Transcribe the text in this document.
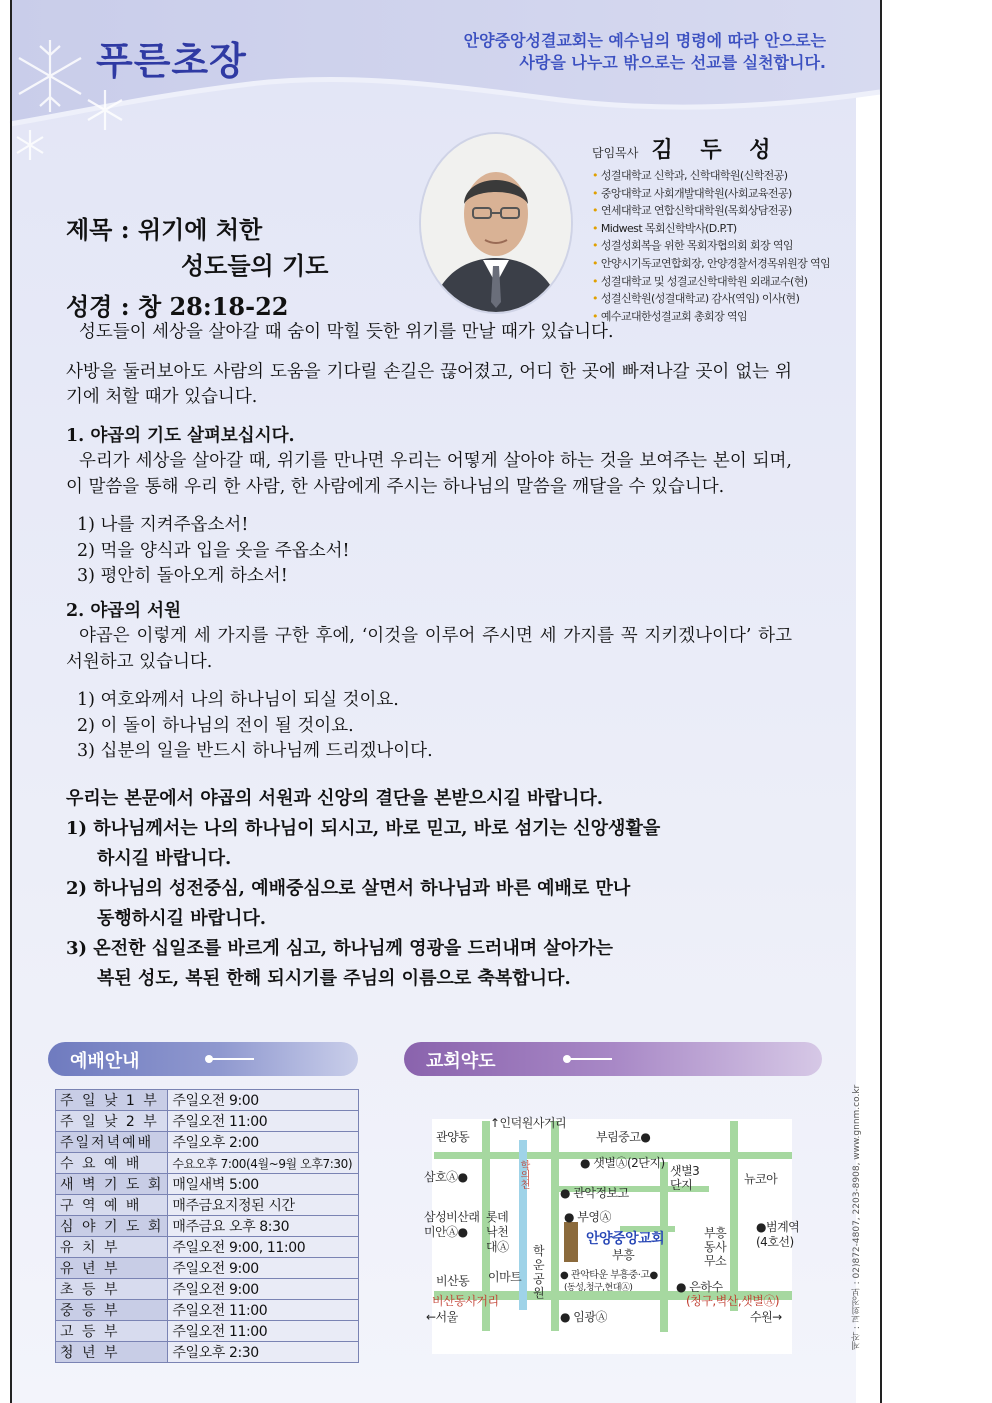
푸른초장	안양중앙성결교회는 예수님의 명령에 따라 안으로는
사랑을 나누고 밖으로는 선교를 실천합니다.
담임목사 김 두 성
• 성결대학교 신학과, 신학대학원(신학전공)
• 중앙대학교 사회개발대학원(사회교육전공)
• 연세대학교 연합신학대학원(목회상담전공)
• Midwest 목회신학박사(D.P.T)
• 성결성회복을 위한 목회자협의회 회장 역임
• 안양시기독교연합회장, 안양경찰서경목위원장 역임
• 성결대학교 및 성결교신학대학원 외래교수(현)
• 성결신학원(성결대학교) 감사(역임) 이사(현)
• 예수교대한성결교회 총회장 역임
제목 : 위기에 처한
성도들의 기도
성경 : 창 28:18-22

성도들이 세상을 살아갈 때 숨이 막힐 듯한 위기를 만날 때가 있습니다.

사방을 둘러보아도 사람의 도움을 기다릴 손길은 끊어졌고, 어디 한 곳에 빠져나갈 곳이 없는 위기에 처할 때가 있습니다.

1. 야곱의 기도 살펴보십시다.

우리가 세상을 살아갈 때, 위기를 만나면 우리는 어떻게 살아야 하는 것을 보여주는 본이 되며, 이 말씀을 통해 우리 한 사람, 한 사람에게 주시는 하나님의 말씀을 깨달을 수 있습니다.

1) 나를 지켜주옵소서!
2) 먹을 양식과 입을 옷을 주옵소서!
3) 평안히 돌아오게 하소서!

2. 야곱의 서원

야곱은 이렇게 세 가지를 구한 후에, ‘이것을 이루어 주시면 세 가지를 꼭 지키겠나이다’ 하고 서원하고 있습니다.

1) 여호와께서 나의 하나님이 되실 것이요.
2) 이 돌이 하나님의 전이 될 것이요.
3) 십분의 일을 반드시 하나님께 드리겠나이다.
우리는 본문에서 야곱의 서원과 신앙의 결단을 본받으시길 바랍니다.
1) 하나님께서는 나의 하나님이 되시고, 바로 믿고, 바로 섬기는 신앙생활을
하시길 바랍니다.
2) 하나님의 성전중심, 예배중심으로 살면서 하나님과 바른 예배로 만나
동행하시길 바랍니다.
3) 온전한 십일조를 바르게 심고, 하나님께 영광을 드러내며 살아가는
복된 성도, 복된 한해 되시기를 주님의 이름으로 축복합니다.
예배안내	교회약도
주 일 낮 1 부	주일오전 9:00
주 일 낮 2 부	주일오전 11:00
주일저녁예배	주일오후 2:00
수 요 예 배	수요오후 7:00(4월~9월 오후7:30)
새 벽 기 도 회	매일새벽 5:00
구 역 예 배	매주금요지정된 시간
심 야 기 도 회	매주금요 오후 8:30
유 치 부	주일오전 9:00, 11:00
유 년 부	주일오전 9:00
초 등 부	주일오전 9:00
중 등 부	주일오전 11:00
고 등 부	주일오전 11:00
청 년 부	주일오후 2:30
관양동
↑인덕원사거리
부림중고●
삼호Ⓐ●	학의천	● 샛별Ⓐ(2단지)
샛별3단지	뉴코아
● 관악정보고
삼성비산래미안Ⓐ●
롯데낙천대Ⓐ
● 부영Ⓐ
안양중앙교회
부흥
부흥동사무소
●범계역(4호선)
학운공원
비산동 이마트	● 관악타운 부흥중·고●
(동성,청구,현대Ⓐ)	● 은하수
비산동사거리	(청구,벽산,샛별Ⓐ)
←서울	● 임광Ⓐ	수원→	제작 : 교회정보 : 02)872-4807, 2203-8908, www.gnnm.co.kr
